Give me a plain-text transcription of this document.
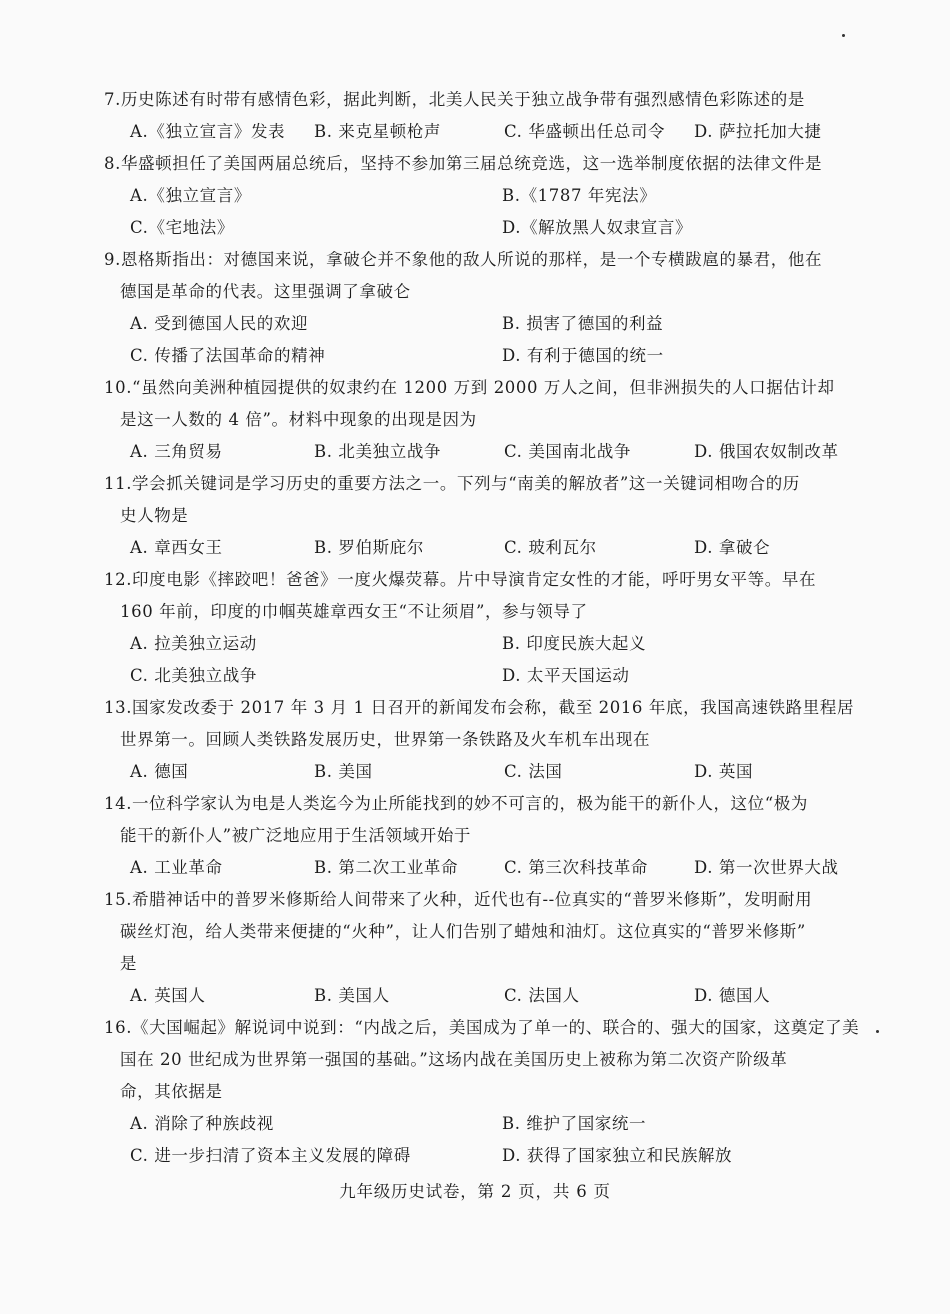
7.历史陈述有时带有感情色彩，据此判断，北美人民关于独立战争带有强烈感情色彩陈述的是
A.《独立宣言》发表	B. 来克星顿枪声	C. 华盛顿出任总司令	D. 萨拉托加大捷
8.华盛顿担任了美国两届总统后，坚持不参加第三届总统竞选，这一选举制度依据的法律文件是
A.《独立宣言》	B.《1787 年宪法》
C.《宅地法》	D.《解放黑人奴隶宣言》
9.恩格斯指出：对德国来说，拿破仑并不象他的敌人所说的那样，是一个专横跋扈的暴君，他在
德国是革命的代表。这里强调了拿破仑
A. 受到德国人民的欢迎	B. 损害了德国的利益
C. 传播了法国革命的精神	D. 有利于德国的统一
10.“虽然向美洲种植园提供的奴隶约在 1200 万到 2000 万人之间，但非洲损失的人口据估计却
是这一人数的 4 倍”。材料中现象的出现是因为
A. 三角贸易	B. 北美独立战争	C. 美国南北战争	D. 俄国农奴制改革
11.学会抓关键词是学习历史的重要方法之一。下列与“南美的解放者”这一关键词相吻合的历
史人物是
A. 章西女王	B. 罗伯斯庇尔	C. 玻利瓦尔	D. 拿破仑
12.印度电影《摔跤吧！爸爸》一度火爆荧幕。片中导演肯定女性的才能，呼吁男女平等。早在
160 年前，印度的巾帼英雄章西女王“不让须眉”，参与领导了
A. 拉美独立运动	B. 印度民族大起义
C. 北美独立战争	D. 太平天国运动
13.国家发改委于 2017 年 3 月 1 日召开的新闻发布会称，截至 2016 年底，我国高速铁路里程居
世界第一。回顾人类铁路发展历史，世界第一条铁路及火车机车出现在
A. 德国	B. 美国	C. 法国	D. 英国
14.一位科学家认为电是人类迄今为止所能找到的妙不可言的，极为能干的新仆人，这位“极为
能干的新仆人”被广泛地应用于生活领域开始于
A. 工业革命	B. 第二次工业革命	C. 第三次科技革命	D. 第一次世界大战
15.希腊神话中的普罗米修斯给人间带来了火种，近代也有--位真实的“普罗米修斯”，发明耐用
碳丝灯泡，给人类带来便捷的“火种”，让人们告别了蜡烛和油灯。这位真实的“普罗米修斯”
是
A. 英国人	B. 美国人	C. 法国人	D. 德国人
16.《大国崛起》解说词中说到：“内战之后，美国成为了单一的、联合的、强大的国家，这奠定了美
国在 20 世纪成为世界第一强国的基础。”这场内战在美国历史上被称为第二次资产阶级革
命，其依据是
A. 消除了种族歧视	B. 维护了国家统一
C. 进一步扫清了资本主义发展的障碍	D. 获得了国家独立和民族解放
九年级历史试卷，第 2 页，共 6 页
